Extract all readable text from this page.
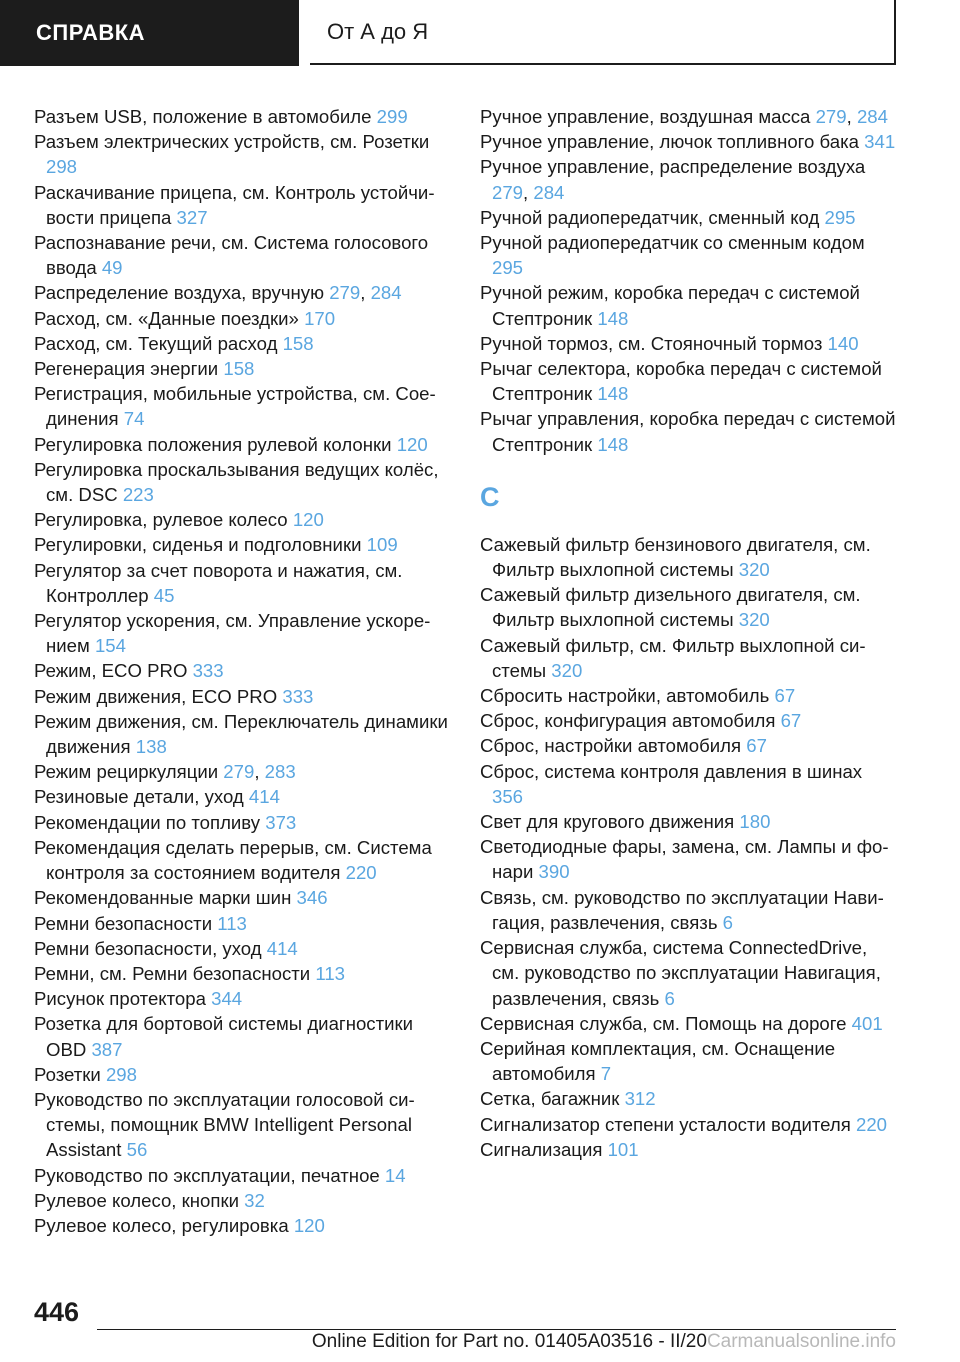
СПРАВКА	От А до Я
Разъем USB, положение в автомобиле 299
Разъем электрических устройств, см. Розетки 298
Раскачивание прицепа, см. Контроль устойчивости прицепа 327
Распознавание речи, см. Система голосового ввода 49
Распределение воздуха, вручную 279, 284
Расход, см. «Данные поездки» 170
Расход, см. Текущий расход 158
Регенерация энергии 158
Регистрация, мобильные устройства, см. Соединения 74
Регулировка положения рулевой колонки 120
Регулировка проскальзывания ведущих колёс, см. DSC 223
Регулировка, рулевое колесо 120
Регулировки, сиденья и подголовники 109
Регулятор за счет поворота и нажатия, см. Контроллер 45
Регулятор ускорения, см. Управление ускорением 154
Режим, ECO PRO 333
Режим движения, ECO PRO 333
Режим движения, см. Переключатель динамики движения 138
Режим рециркуляции 279, 283
Резиновые детали, уход 414
Рекомендации по топливу 373
Рекомендация сделать перерыв, см. Система контроля за состоянием водителя 220
Рекомендованные марки шин 346
Ремни безопасности 113
Ремни безопасности, уход 414
Ремни, см. Ремни безопасности 113
Рисунок протектора 344
Розетка для бортовой системы диагностики OBD 387
Розетки 298
Руководство по эксплуатации голосовой системы, помощник BMW Intelligent Personal Assistant 56
Руководство по эксплуатации, печатное 14
Рулевое колесо, кнопки 32
Рулевое колесо, регулировка 120
Ручное управление, воздушная масса 279, 284
Ручное управление, лючок топливного бака 341
Ручное управление, распределение воздуха 279, 284
Ручной радиопередатчик, сменный код 295
Ручной радиопередатчик со сменным кодом 295
Ручной режим, коробка передач с системой Стептроник 148
Ручной тормоз, см. Стояночный тормоз 140
Рычаг селектора, коробка передач с системой Стептроник 148
Рычаг управления, коробка передач с системой Стептроник 148
С
Сажевый фильтр бензинового двигателя, см. Фильтр выхлопной системы 320
Сажевый фильтр дизельного двигателя, см. Фильтр выхлопной системы 320
Сажевый фильтр, см. Фильтр выхлопной системы 320
Сбросить настройки, автомобиль 67
Сброс, конфигурация автомобиля 67
Сброс, настройки автомобиля 67
Сброс, система контроля давления в шинах 356
Свет для кругового движения 180
Светодиодные фары, замена, см. Лампы и фонари 390
Связь, см. руководство по эксплуатации Навигация, развлечения, связь 6
Сервисная служба, система ConnectedDrive, см. руководство по эксплуатации Навигация, развлечения, связь 6
Сервисная служба, см. Помощь на дороге 401
Серийная комплектация, см. Оснащение автомобиля 7
Сетка, багажник 312
Сигнализатор степени усталости водителя 220
Сигнализация 101
446
Online Edition for Part no. 01405A03516 - II/20Carmanualsonline.info
